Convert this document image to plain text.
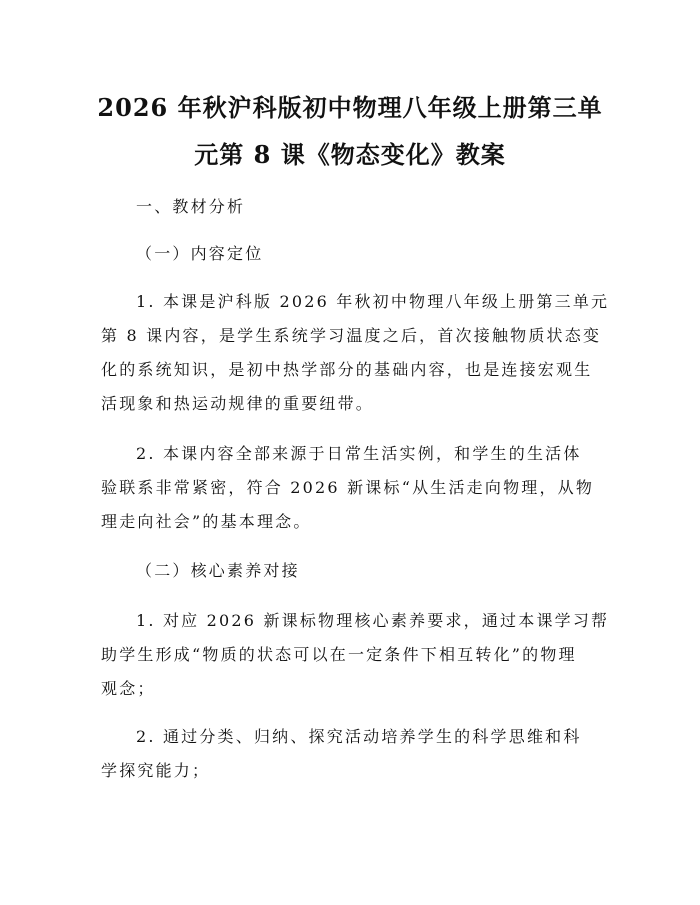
2026 年秋沪科版初中物理八年级上册第三单
元第 8 课《物态变化》教案
一、教材分析
（一）内容定位
1. 本课是沪科版 2026 年秋初中物理八年级上册第三单元
第 8 课内容，是学生系统学习温度之后，首次接触物质状态变
化的系统知识，是初中热学部分的基础内容，也是连接宏观生
活现象和热运动规律的重要纽带。
2. 本课内容全部来源于日常生活实例，和学生的生活体
验联系非常紧密，符合 2026 新课标“从生活走向物理，从物
理走向社会”的基本理念。
（二）核心素养对接
1. 对应 2026 新课标物理核心素养要求，通过本课学习帮
助学生形成“物质的状态可以在一定条件下相互转化”的物理
观念；
2. 通过分类、归纳、探究活动培养学生的科学思维和科
学探究能力；
